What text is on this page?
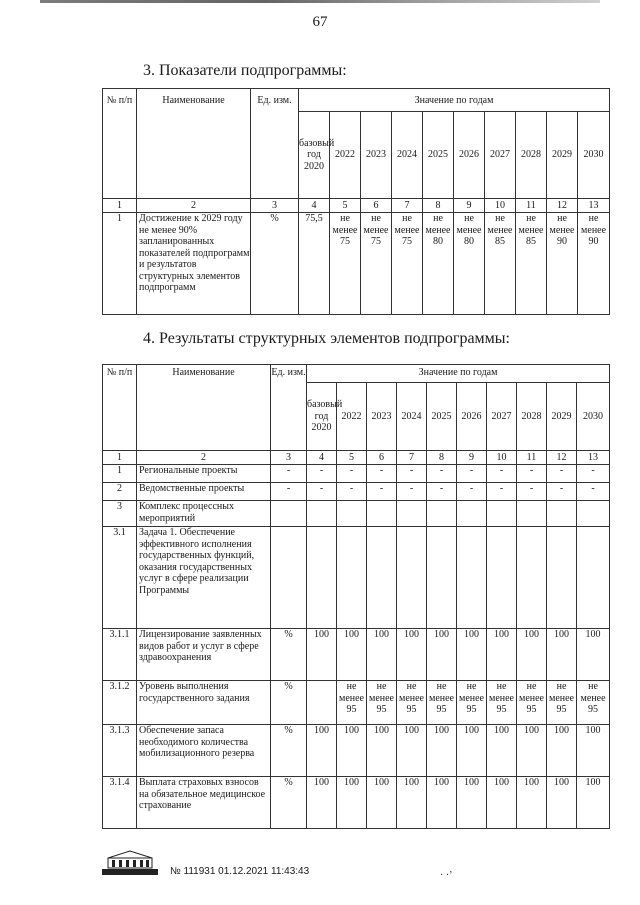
67
3. Показатели подпрограммы:
№ п/п	Наименование	Ед. изм.	Значение по годам									
			базовый год 2020	2022	2023	2024	2025	2026	2027	2028	2029	2030
1	2	3	4	5	6	7	8	9	10	11	12	13
1	Достижение к 2029 году не менее 90% запланированных показателей подпрограмм и результатов структурных элементов подпрограмм	%	75,5	не менее 75	не менее 75	не менее 75	не менее 80	не менее 80	не менее 85	не менее 85	не менее 90	не менее 90
4. Результаты структурных элементов подпрограммы:
№ п/п	Наименование	Ед. изм.	Значение по годам									
			базовый год 2020	2022	2023	2024	2025	2026	2027	2028	2029	2030
1	2	3	4	5	6	7	8	9	10	11	12	13
1	Региональные проекты	-	-	-	-	-	-	-	-	-	-	-
2	Ведомственные проекты	-	-	-	-	-	-	-	-	-	-	-
3	Комплекс процессных мероприятий											
3.1	Задача 1. Обеспечение эффективного исполнения государственных функций, оказания государственных услуг в сфере реализации Программы											
3.1.1	Лицензирование заявленных видов работ и услуг в сфере здравоохранения	%	100	100	100	100	100	100	100	100	100	100
3.1.2	Уровень выполнения государственного задания	%		не менее 95	не менее 95	не менее 95	не менее 95	не менее 95	не менее 95	не менее 95	не менее 95	не менее 95
3.1.3	Обеспечение запаса необходимого количества мобилизационного резерва	%	100	100	100	100	100	100	100	100	100	100
3.1.4	Выплата страховых взносов на обязательное медицинское страхование	%	100	100	100	100	100	100	100	100	100	100
№ 111931 01.12.2021 11:43:43	· ·’
